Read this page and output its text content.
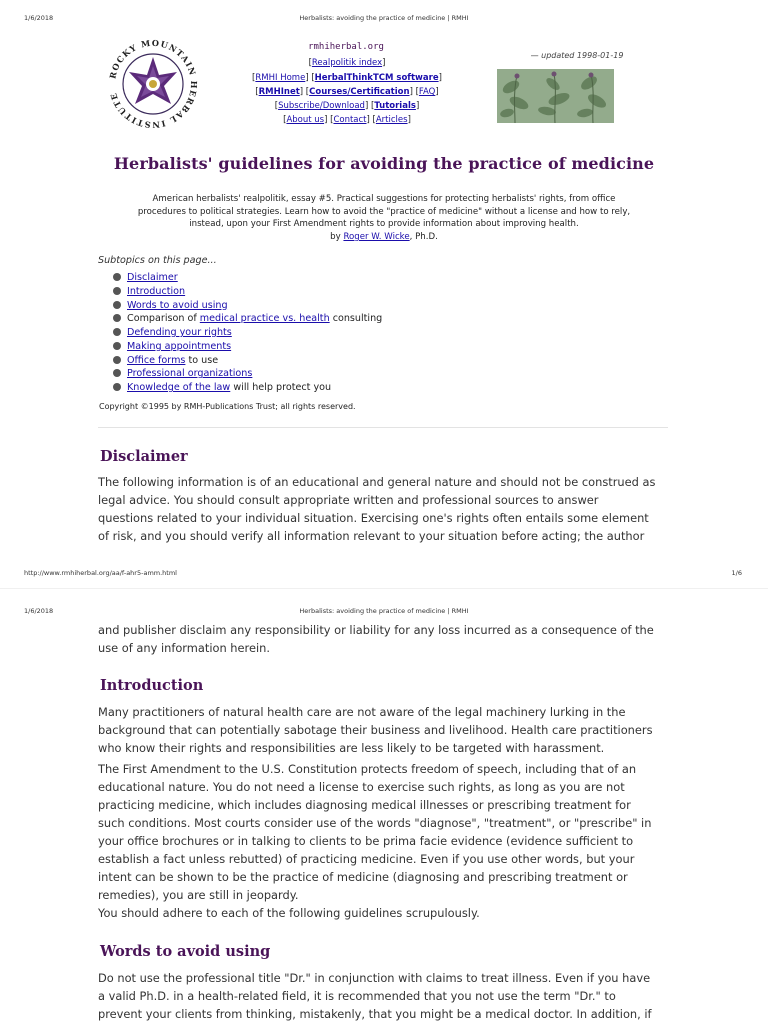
1/6/2018	Herbalists: avoiding the practice of medicine | RMHI
ROCKY MOUNTAIN HERBAL INSTITUTE
rmhiherbal.org
[Realpolitik index]
[RMHI Home] [HerbalThinkTCM software]
[RMHInet] [Courses/Certification] [FAQ]
[Subscribe/Download] [Tutorials]
[About us] [Contact] [Articles]
— updated 1998-01-19
Herbalists' guidelines for avoiding the practice of medicine
American herbalists' realpolitik, essay #5. Practical suggestions for protecting herbalists' rights, from office
procedures to political strategies. Learn how to avoid the "practice of medicine" without a license and how to rely,
instead, upon your First Amendment rights to provide information about improving health.
by Roger W. Wicke, Ph.D.
Subtopics on this page...
Disclaimer
Introduction
Words to avoid using
Comparison of medical practice vs. health consulting
Defending your rights
Making appointments
Office forms to use
Professional organizations
Knowledge of the law will help protect you
Copyright ©1995 by RMH-Publications Trust; all rights reserved.
Disclaimer
The following information is of an educational and general nature and should not be construed as
legal advice. You should consult appropriate written and professional sources to answer
questions related to your individual situation. Exercising one's rights often entails some element
of risk, and you should verify all information relevant to your situation before acting; the author
http://www.rmhiherbal.org/aa/f-ahr5-amm.html	1/6
1/6/2018	Herbalists: avoiding the practice of medicine | RMHI
and publisher disclaim any responsibility or liability for any loss incurred as a consequence of the
use of any information herein.
Introduction
Many practitioners of natural health care are not aware of the legal machinery lurking in the
background that can potentially sabotage their business and livelihood. Health care practitioners
who know their rights and responsibilities are less likely to be targeted with harassment.
The First Amendment to the U.S. Constitution protects freedom of speech, including that of an
educational nature. You do not need a license to exercise such rights, as long as you are not
practicing medicine, which includes diagnosing medical illnesses or prescribing treatment for
such conditions. Most courts consider use of the words "diagnose", "treatment", or "prescribe" in
your office brochures or in talking to clients to be prima facie evidence (evidence sufficient to
establish a fact unless rebutted) of practicing medicine. Even if you use other words, but your
intent can be shown to be the practice of medicine (diagnosing and prescribing treatment or
remedies), you are still in jeopardy.
You should adhere to each of the following guidelines scrupulously.
Words to avoid using
Do not use the professional title "Dr." in conjunction with claims to treat illness. Even if you have
a valid Ph.D. in a health-related field, it is recommended that you not use the term "Dr." to
prevent your clients from thinking, mistakenly, that you might be a medical doctor. In addition, if
